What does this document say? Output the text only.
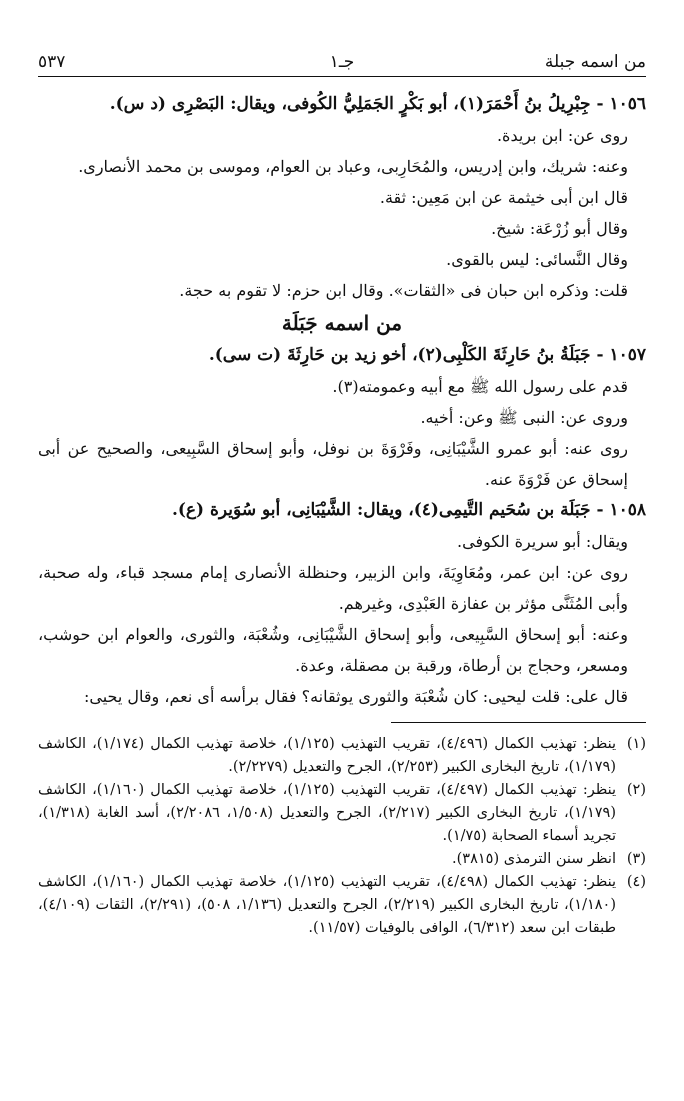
من اسمه جبلة
جـ١
٥٣٧

١٠٥٦ - جِبْرِيلُ بنُ أَحْمَرَ(١)، أبو بَكْرٍ الجَمَلِيُّ الكُوفى، ويقال: البَصْرِى (د س).

روى عن: ابن بريدة.

وعنه: شريك، وابن إدريس، والمُحَارِبى، وعباد بن العوام، وموسى بن محمد الأنصارى.

قال ابن أبى خيثمة عن ابن مَعِين: ثقة.

وقال أبو زُرْعَة: شيخ.

وقال النَّسائى: ليس بالقوى.

قلت: وذكره ابن حبان فى «الثقات». وقال ابن حزم: لا تقوم به حجة.

من اسمه جَبَلَة

١٠٥٧ - جَبَلَةُ بنُ حَارِثَةَ الكَلْبِى(٢)، أخو زيد بن حَارِثَةَ (ت سى).

قدم على رسول الله ﷺ مع أبيه وعمومته(٣).

وروى عن: النبى ﷺ وعن: أخيه.

روى عنه: أبو عمرو الشَّيْبَانِى، وفَرْوَةَ بن نوفل، وأبو إسحاق السَّبِيعى، والصحيح عن أبى إسحاق عن فَرْوَةَ عنه.

١٠٥٨ - جَبَلَة بن سُحَيم التَّيمِى(٤)، ويقال: الشَّيْبَانِى، أبو سُوَيرة (ع).

ويقال: أبو سريرة الكوفى.

روى عن: ابن عمر، ومُعَاوِيَةَ، وابن الزبير، وحنظلة الأنصارى إمام مسجد قباء، وله صحبة، وأبى المُثَنَّى مؤثر بن عفازة العَبْدِى، وغيرهم.

وعنه: أبو إسحاق السَّبِيعى، وأبو إسحاق الشَّيْبَانِى، وشُعْبَة، والثورى، والعوام ابن حوشب، ومسعر، وحجاج بن أرطاة، ورقبة بن مصقلة، وعدة.

قال على: قلت ليحيى: كان شُعْبَة والثورى يوثقانه؟ فقال برأسه أى نعم، وقال يحيى:

(١)
ينظر: تهذيب الكمال (٤/٤٩٦)، تقريب التهذيب (١/١٢٥)، خلاصة تهذيب الكمال (١/١٧٤)، الكاشف (١/١٧٩)، تاريخ البخارى الكبير (٢/٢٥٣)، الجرح والتعديل (٢/٢٢٧٩).
(٢)
ينظر: تهذيب الكمال (٤/٤٩٧)، تقريب التهذيب (١/١٢٥)، خلاصة تهذيب الكمال (١/١٦٠)، الكاشف (١/١٧٩)، تاريخ البخارى الكبير (٢/٢١٧)، الجرح والتعديل (١/٥٠٨، ٢/٢٠٨٦)، أسد الغابة (١/٣١٨)، تجريد أسماء الصحابة (١/٧٥).
(٣)
انظر سنن الترمذى (٣٨١٥).
(٤)
ينظر: تهذيب الكمال (٤/٤٩٨)، تقريب التهذيب (١/١٢٥)، خلاصة تهذيب الكمال (١/١٦٠)، الكاشف (١/١٨٠)، تاريخ البخارى الكبير (٢/٢١٩)، الجرح والتعديل (١/١٣٦، ٥٠٨)، (٢/٢٩١)، الثقات (٤/١٠٩)، طبقات ابن سعد (٦/٣١٢)، الوافى بالوفيات (١١/٥٧).
